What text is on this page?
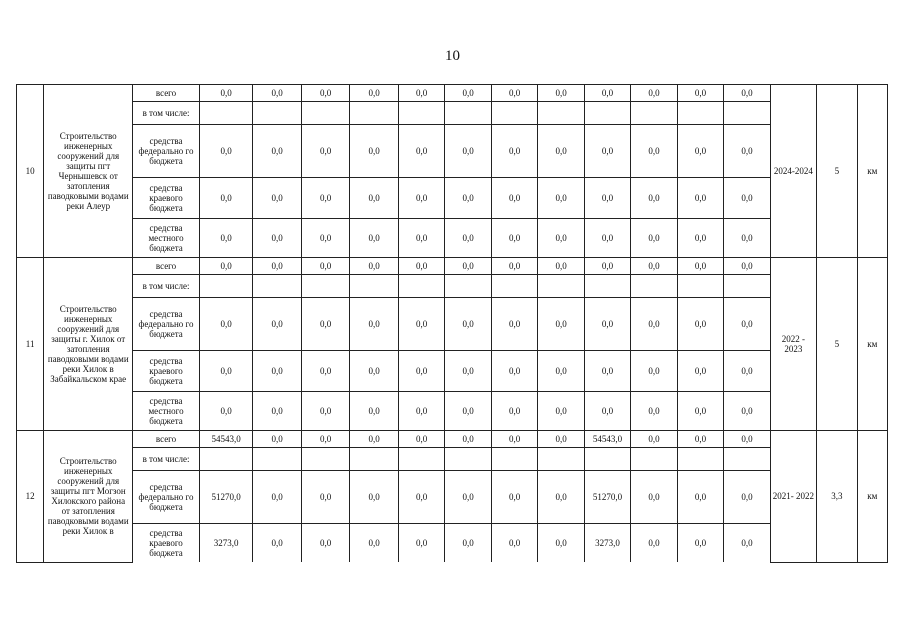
10
10	Строительство инженерных сооружений для защиты пгт Чернышевск от затопления паводковыми водами реки Алеур	всего	0,0	0,0	0,0	0,0	0,0	0,0	0,0	0,0	0,0	0,0	0,0	0,0	2024-2024	5	км
		в том числе:															
		средства федерально го бюджета	0,0	0,0	0,0	0,0	0,0	0,0	0,0	0,0	0,0	0,0	0,0	0,0			
		средства краевого бюджета	0,0	0,0	0,0	0,0	0,0	0,0	0,0	0,0	0,0	0,0	0,0	0,0			
		средства местного бюджета	0,0	0,0	0,0	0,0	0,0	0,0	0,0	0,0	0,0	0,0	0,0	0,0			
11	Строительство инженерных сооружений для защиты г. Хилок от затопления паводковыми водами реки Хилок в Забайкальском крае	всего	0,0	0,0	0,0	0,0	0,0	0,0	0,0	0,0	0,0	0,0	0,0	0,0	2022 - 2023	5	км
		в том числе:															
		средства федерально го бюджета	0,0	0,0	0,0	0,0	0,0	0,0	0,0	0,0	0,0	0,0	0,0	0,0			
		средства краевого бюджета	0,0	0,0	0,0	0,0	0,0	0,0	0,0	0,0	0,0	0,0	0,0	0,0			
		средства местного бюджета	0,0	0,0	0,0	0,0	0,0	0,0	0,0	0,0	0,0	0,0	0,0	0,0			
12	Строительство инженерных сооружений для защиты пгт Могзон Хилокского района от затопления паводковыми водами реки Хилок в	всего	54543,0	0,0	0,0	0,0	0,0	0,0	0,0	0,0	54543,0	0,0	0,0	0,0	2021- 2022	3,3	км
		в том числе:															
		средства федерально го бюджета	51270,0	0,0	0,0	0,0	0,0	0,0	0,0	0,0	51270,0	0,0	0,0	0,0			
		средства краевого бюджета	3273,0	0,0	0,0	0,0	0,0	0,0	0,0	0,0	3273,0	0,0	0,0	0,0			
